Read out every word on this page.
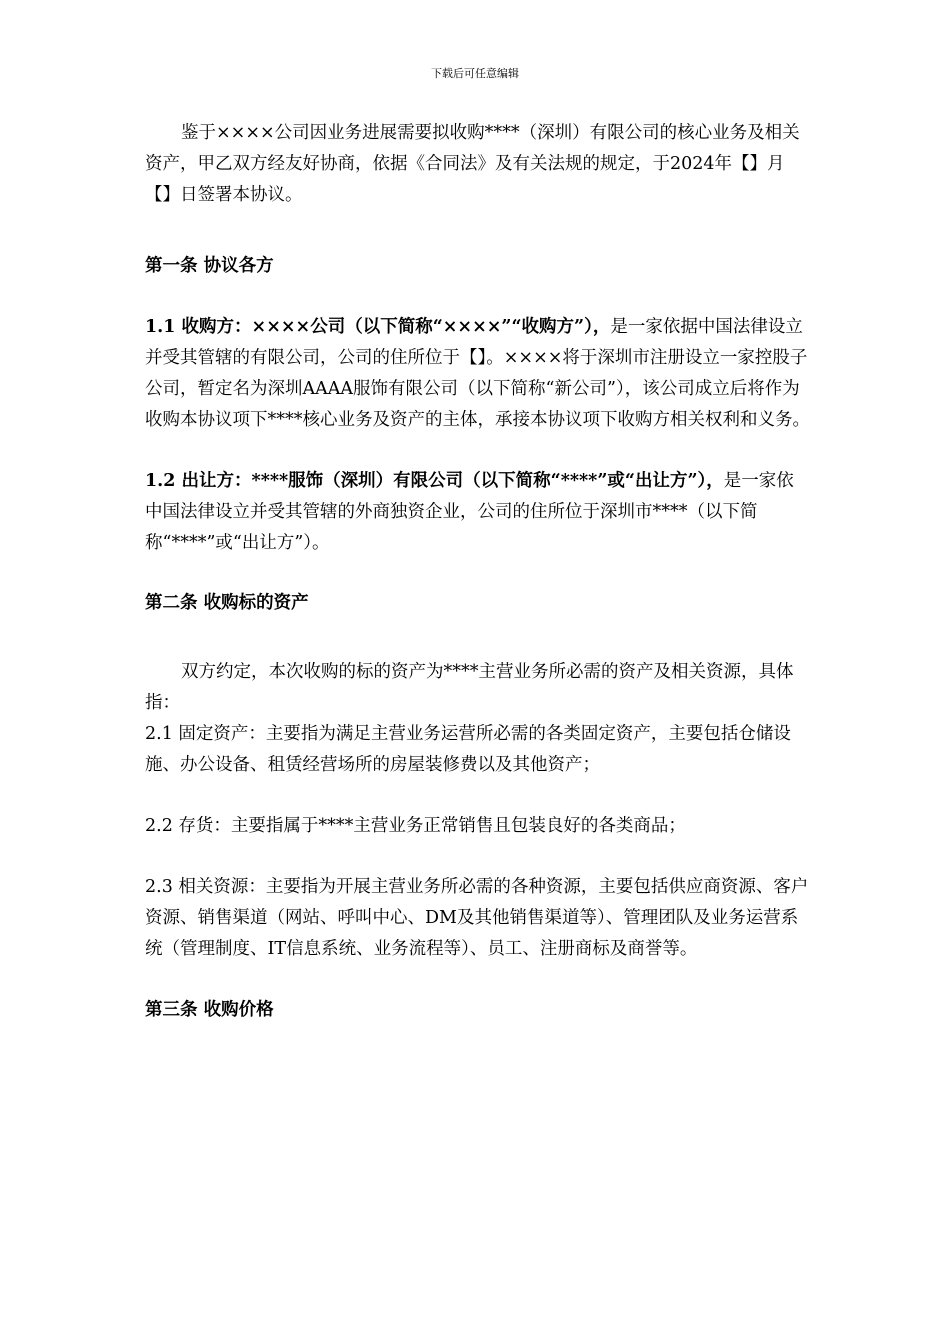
下载后可任意编辑

鉴于××××公司因业务进展需要拟收购****（深圳）有限公司的核心业务及相关资产，甲乙双方经友好协商，依据《合同法》及有关法规的规定，于2024年【】月【】日签署本协议。

第一条 协议各方

1.1 收购方：××××公司（以下简称“××××”“收购方”），是一家依据中国法律设立并受其管辖的有限公司，公司的住所位于【】。××××将于深圳市注册设立一家控股子公司，暂定名为深圳AAAA服饰有限公司（以下简称“新公司”），该公司成立后将作为收购本协议项下****核心业务及资产的主体，承接本协议项下收购方相关权利和义务。

1.2 出让方：****服饰（深圳）有限公司（以下简称“****”或“出让方”），是一家依中国法律设立并受其管辖的外商独资企业，公司的住所位于深圳市****（以下简称“****”或“出让方”）。

第二条 收购标的资产

双方约定，本次收购的标的资产为****主营业务所必需的资产及相关资源，具体指：

2.1 固定资产：主要指为满足主营业务运营所必需的各类固定资产，主要包括仓储设施、办公设备、租赁经营场所的房屋装修费以及其他资产；

2.2 存货：主要指属于****主营业务正常销售且包装良好的各类商品；

2.3 相关资源：主要指为开展主营业务所必需的各种资源，主要包括供应商资源、客户资源、销售渠道（网站、呼叫中心、DM及其他销售渠道等）、管理团队及业务运营系统（管理制度、IT信息系统、业务流程等）、员工、注册商标及商誉等。

第三条 收购价格
